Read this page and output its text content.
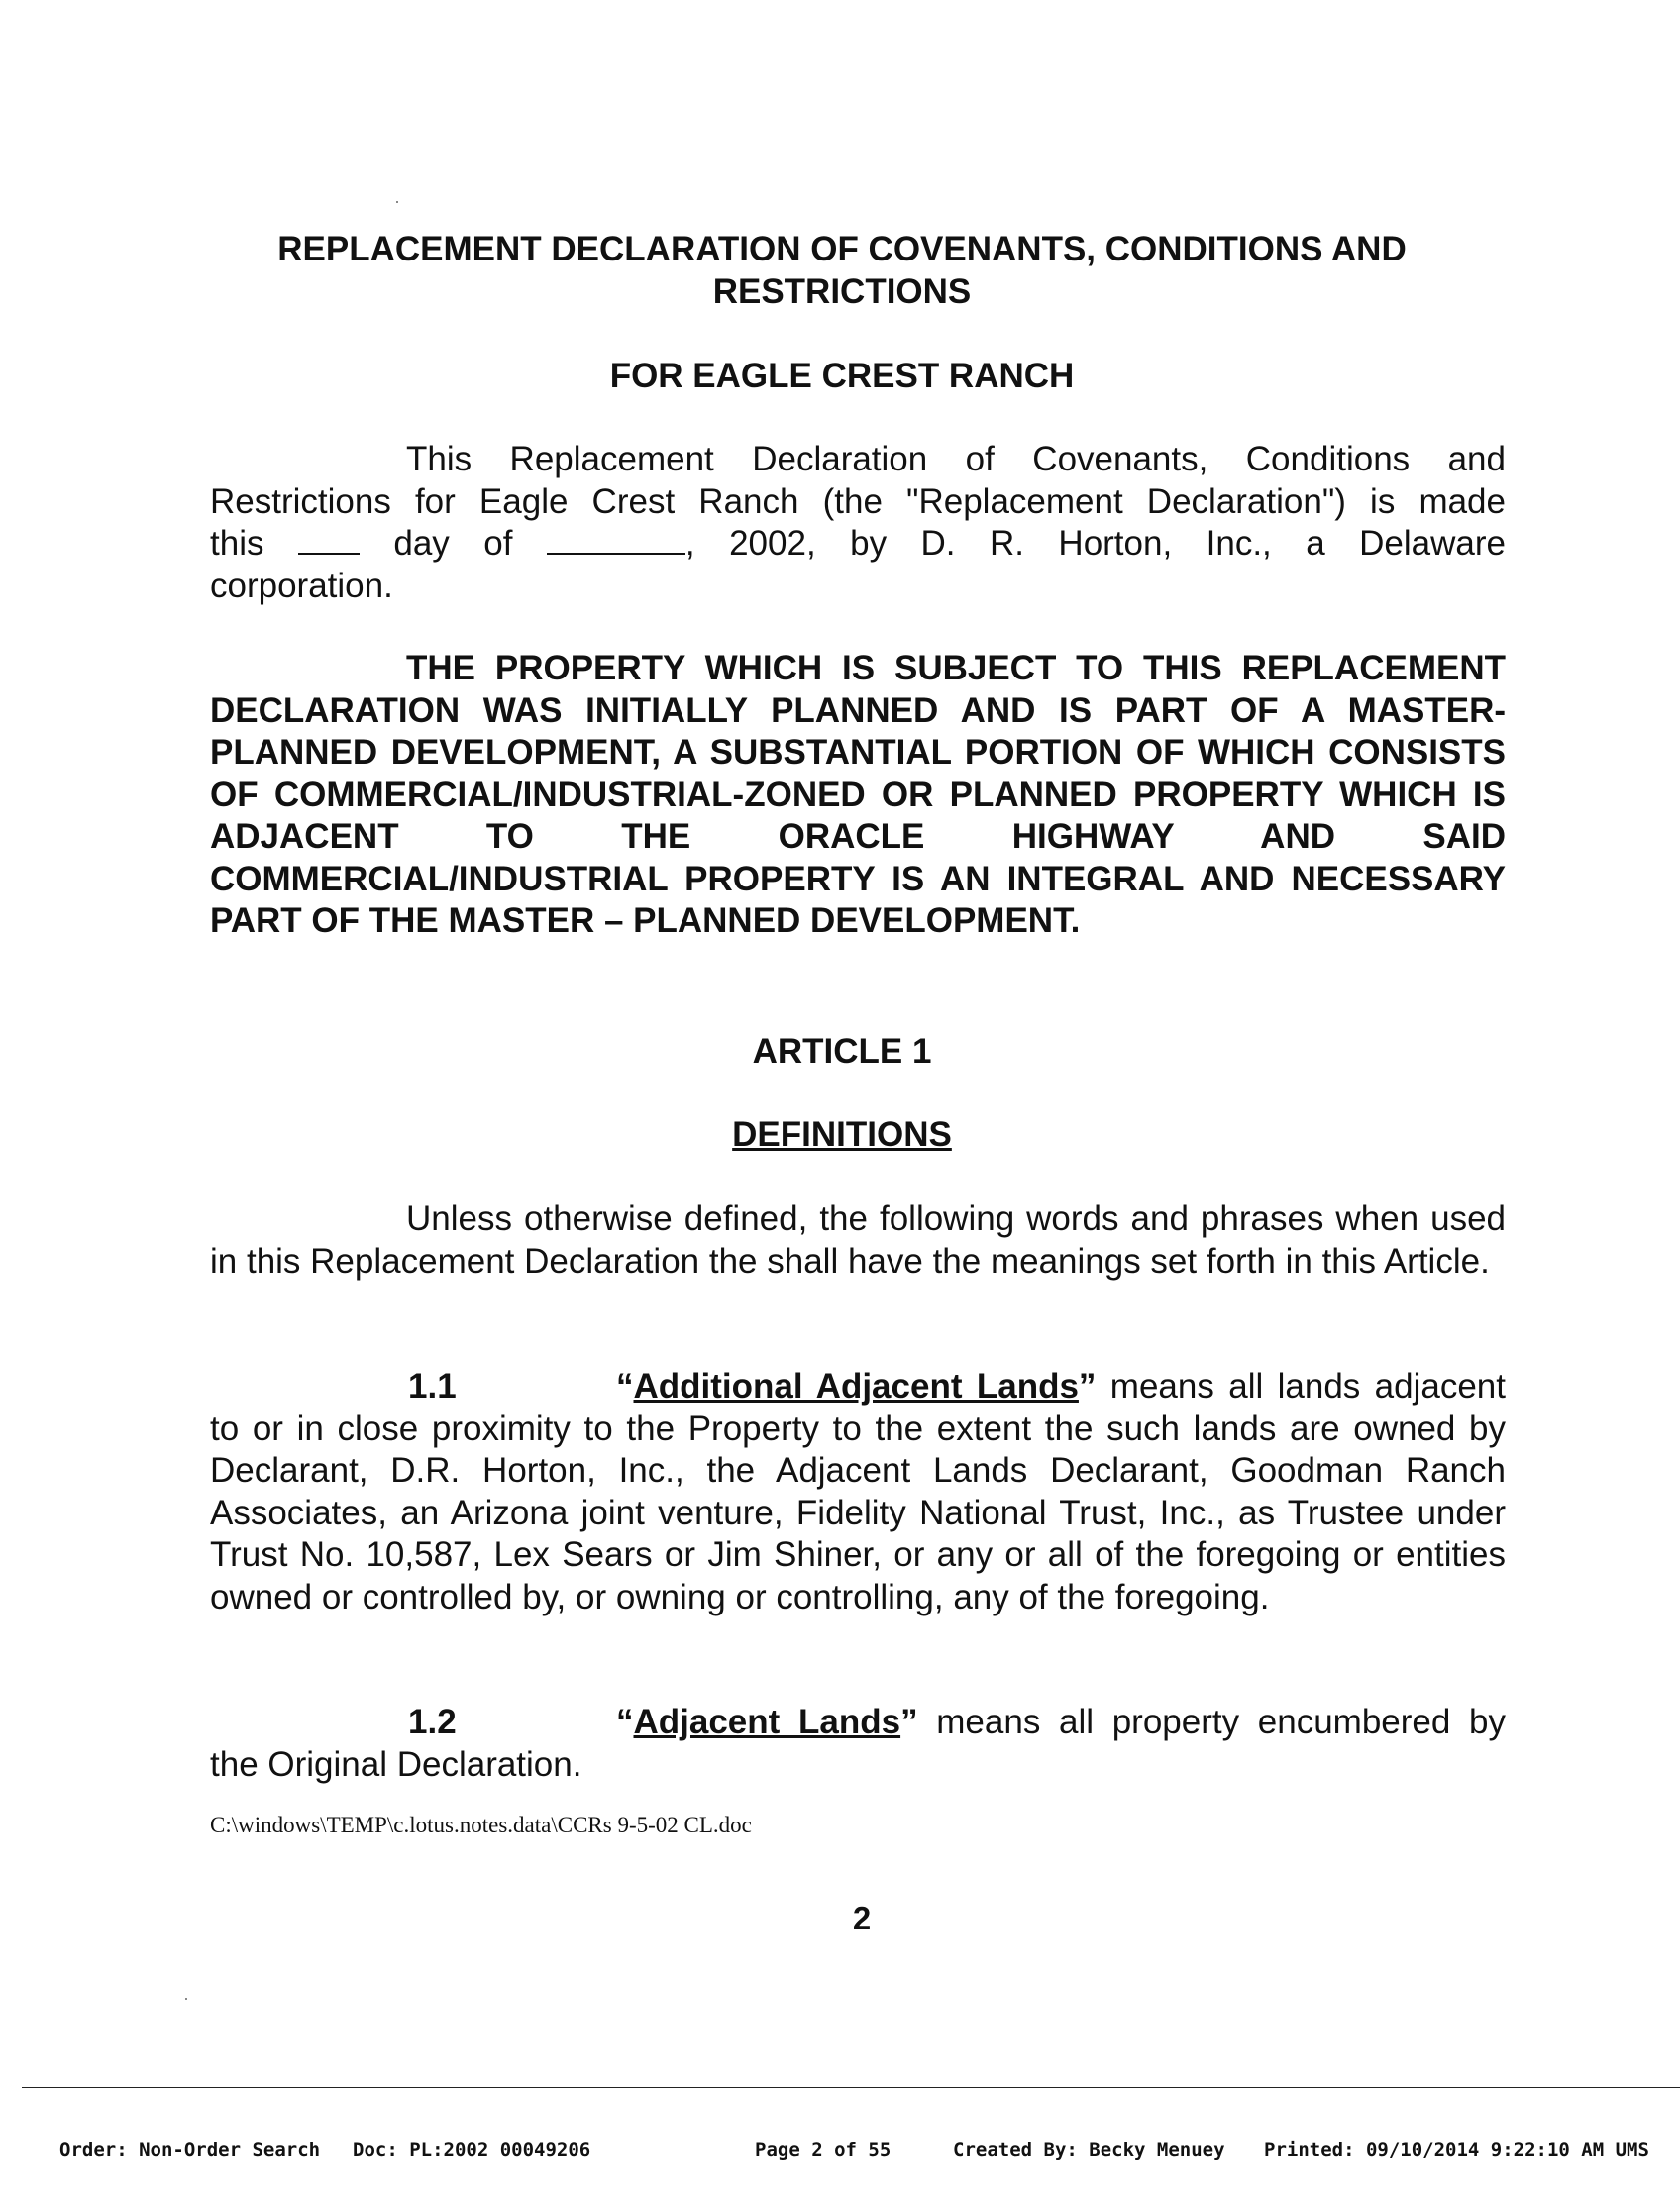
REPLACEMENT DECLARATION OF COVENANTS, CONDITIONS AND

RESTRICTIONS

FOR EAGLE CREST RANCH

This Replacement Declaration of Covenants, Conditions and
Restrictions for Eagle Crest Ranch (the "Replacement Declaration") is made
this	day of	, 2002, by D. R. Horton, Inc., a Delaware
corporation.
THE PROPERTY WHICH IS SUBJECT TO THIS REPLACEMENT DECLARATION WAS INITIALLY PLANNED AND IS PART OF A MASTER-PLANNED DEVELOPMENT, A SUBSTANTIAL PORTION OF WHICH CONSISTS OF COMMERCIAL/INDUSTRIAL-ZONED OR PLANNED PROPERTY WHICH IS ADJACENT TO THE ORACLE HIGHWAY AND SAID COMMERCIAL/INDUSTRIAL PROPERTY IS AN INTEGRAL AND NECESSARY PART OF THE MASTER – PLANNED DEVELOPMENT.

ARTICLE 1

DEFINITIONS

Unless otherwise defined, the following words and phrases when used in this Replacement Declaration the shall have the meanings set forth in this Article.
1.1	“Additional Adjacent Lands” means all lands adjacent to or in close proximity to the Property to the extent the such lands are owned by Declarant, D.R. Horton, Inc., the Adjacent Lands Declarant, Goodman Ranch Associates, an Arizona joint venture, Fidelity National Trust, Inc., as Trustee under Trust No. 10,587, Lex Sears or Jim Shiner, or any or all of the foregoing or entities owned or controlled by, or owning or controlling, any of the foregoing.
1.2	“Adjacent Lands” means all property encumbered by the Original Declaration.
C:\windows\TEMP\c.lotus.notes.data\CCRs 9-5-02 CL.doc
2
Order: Non-Order Search Doc: PL:2002 00049206	Page 2 of 55	Created By: Becky Menuey Printed: 09/10/2014 9:22:10 AM UMS
